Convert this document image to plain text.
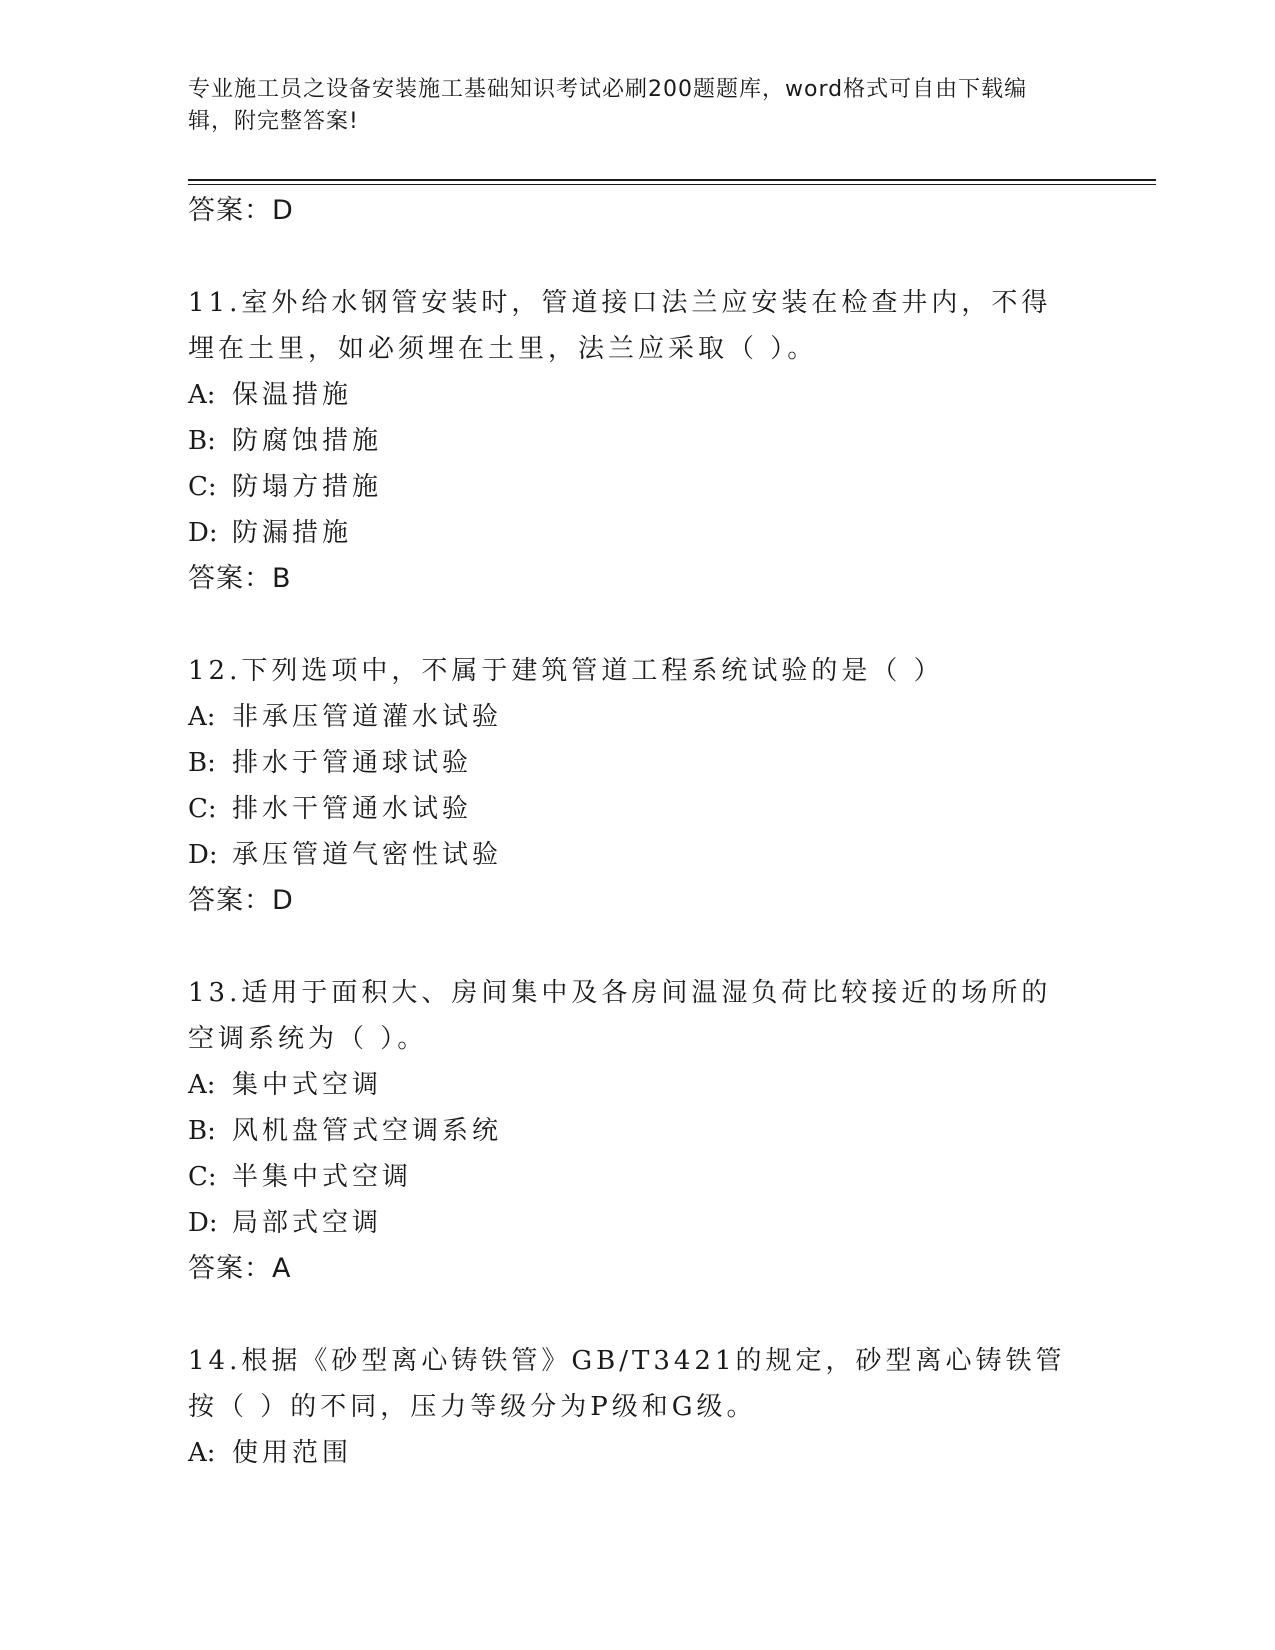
专业施工员之设备安装施工基础知识考试必刷200题题库，word格式可自由下载编辑，附完整答案!
答案：D
11.室外给水钢管安装时，管道接口法兰应安装在检查井内，不得埋在土里，如必须埋在土里，法兰应采取（ ）。
A: 保温措施
B: 防腐蚀措施
C: 防塌方措施
D: 防漏措施
答案：B
12.下列选项中，不属于建筑管道工程系统试验的是（ ）
A: 非承压管道灌水试验
B: 排水于管通球试验
C: 排水干管通水试验
D: 承压管道气密性试验
答案：D
13.适用于面积大、房间集中及各房间温湿负荷比较接近的场所的空调系统为（ ）。
A: 集中式空调
B: 风机盘管式空调系统
C: 半集中式空调
D: 局部式空调
答案：A
14.根据《砂型离心铸铁管》GB/T3421的规定，砂型离心铸铁管按（ ）的不同，压力等级分为P级和G级。
A: 使用范围
